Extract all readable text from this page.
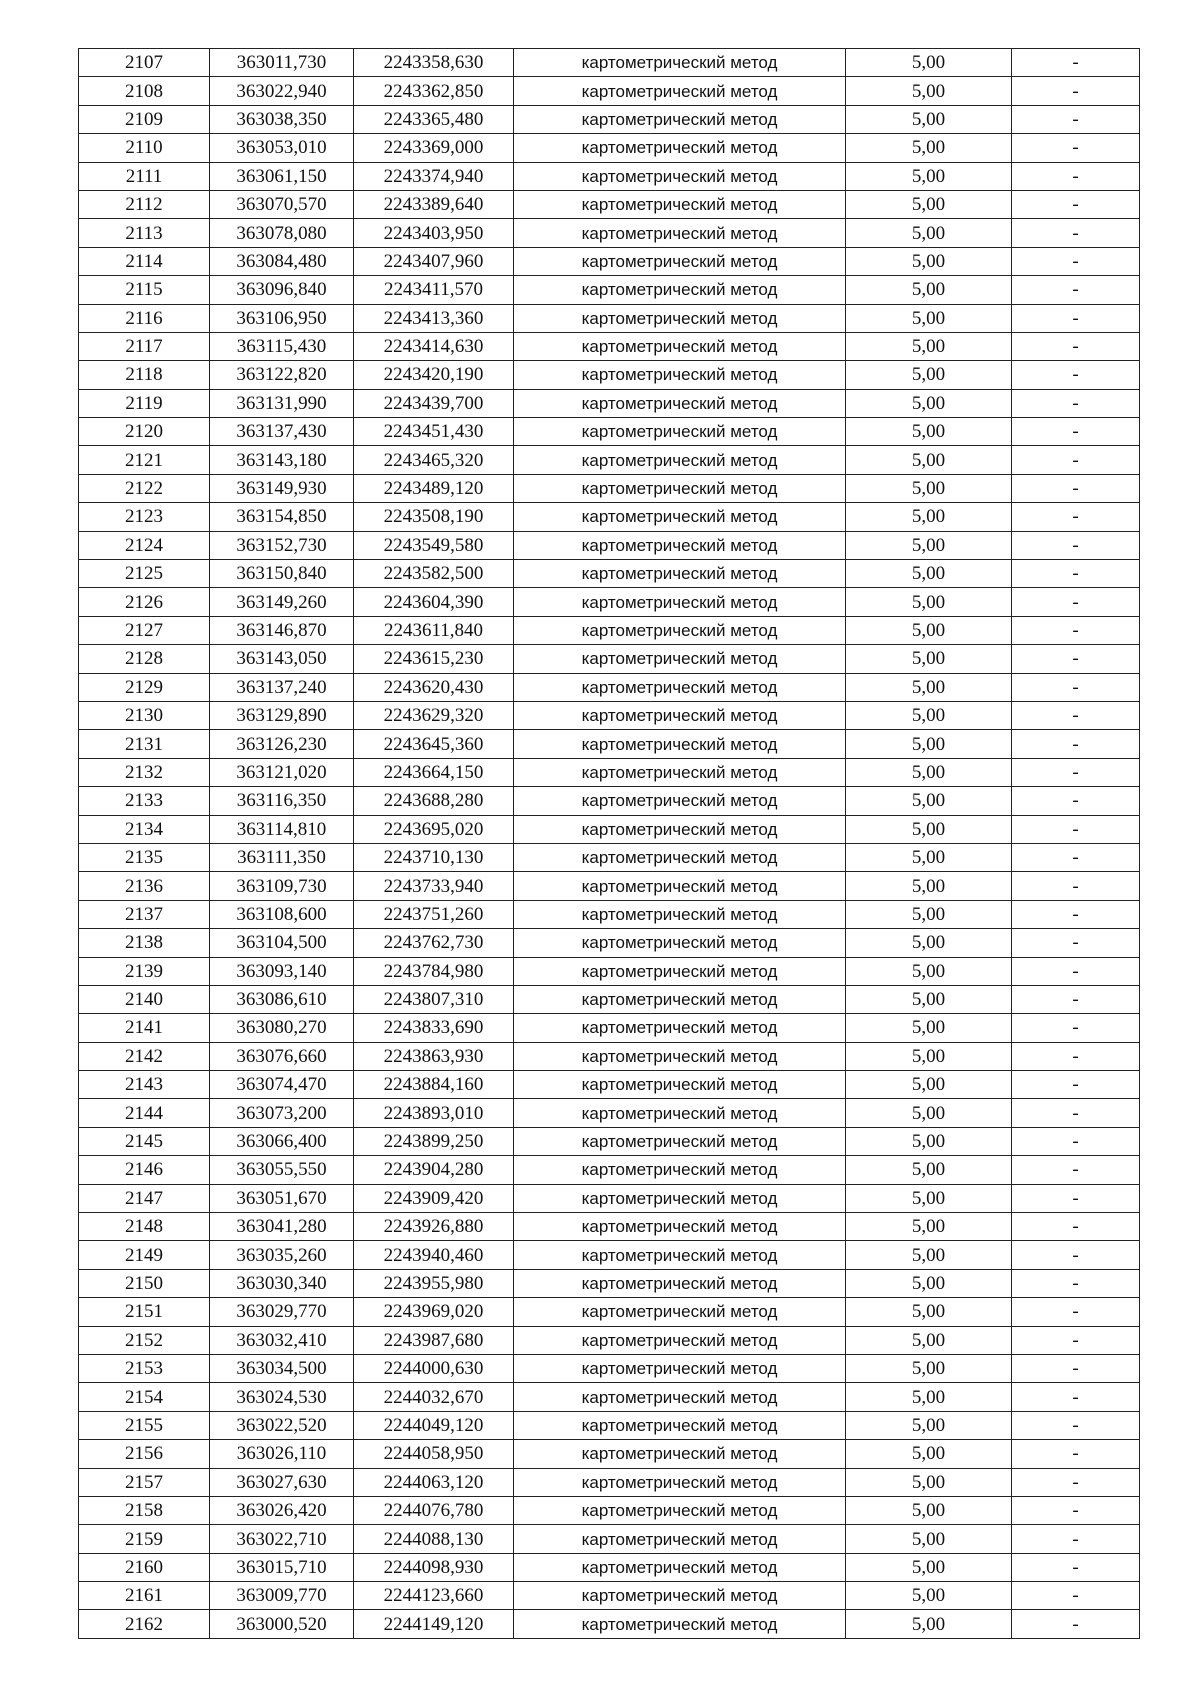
2107	363011,730	2243358,630	картометрический метод	5,00	-
2108	363022,940	2243362,850	картометрический метод	5,00	-
2109	363038,350	2243365,480	картометрический метод	5,00	-
2110	363053,010	2243369,000	картометрический метод	5,00	-
2111	363061,150	2243374,940	картометрический метод	5,00	-
2112	363070,570	2243389,640	картометрический метод	5,00	-
2113	363078,080	2243403,950	картометрический метод	5,00	-
2114	363084,480	2243407,960	картометрический метод	5,00	-
2115	363096,840	2243411,570	картометрический метод	5,00	-
2116	363106,950	2243413,360	картометрический метод	5,00	-
2117	363115,430	2243414,630	картометрический метод	5,00	-
2118	363122,820	2243420,190	картометрический метод	5,00	-
2119	363131,990	2243439,700	картометрический метод	5,00	-
2120	363137,430	2243451,430	картометрический метод	5,00	-
2121	363143,180	2243465,320	картометрический метод	5,00	-
2122	363149,930	2243489,120	картометрический метод	5,00	-
2123	363154,850	2243508,190	картометрический метод	5,00	-
2124	363152,730	2243549,580	картометрический метод	5,00	-
2125	363150,840	2243582,500	картометрический метод	5,00	-
2126	363149,260	2243604,390	картометрический метод	5,00	-
2127	363146,870	2243611,840	картометрический метод	5,00	-
2128	363143,050	2243615,230	картометрический метод	5,00	-
2129	363137,240	2243620,430	картометрический метод	5,00	-
2130	363129,890	2243629,320	картометрический метод	5,00	-
2131	363126,230	2243645,360	картометрический метод	5,00	-
2132	363121,020	2243664,150	картометрический метод	5,00	-
2133	363116,350	2243688,280	картометрический метод	5,00	-
2134	363114,810	2243695,020	картометрический метод	5,00	-
2135	363111,350	2243710,130	картометрический метод	5,00	-
2136	363109,730	2243733,940	картометрический метод	5,00	-
2137	363108,600	2243751,260	картометрический метод	5,00	-
2138	363104,500	2243762,730	картометрический метод	5,00	-
2139	363093,140	2243784,980	картометрический метод	5,00	-
2140	363086,610	2243807,310	картометрический метод	5,00	-
2141	363080,270	2243833,690	картометрический метод	5,00	-
2142	363076,660	2243863,930	картометрический метод	5,00	-
2143	363074,470	2243884,160	картометрический метод	5,00	-
2144	363073,200	2243893,010	картометрический метод	5,00	-
2145	363066,400	2243899,250	картометрический метод	5,00	-
2146	363055,550	2243904,280	картометрический метод	5,00	-
2147	363051,670	2243909,420	картометрический метод	5,00	-
2148	363041,280	2243926,880	картометрический метод	5,00	-
2149	363035,260	2243940,460	картометрический метод	5,00	-
2150	363030,340	2243955,980	картометрический метод	5,00	-
2151	363029,770	2243969,020	картометрический метод	5,00	-
2152	363032,410	2243987,680	картометрический метод	5,00	-
2153	363034,500	2244000,630	картометрический метод	5,00	-
2154	363024,530	2244032,670	картометрический метод	5,00	-
2155	363022,520	2244049,120	картометрический метод	5,00	-
2156	363026,110	2244058,950	картометрический метод	5,00	-
2157	363027,630	2244063,120	картометрический метод	5,00	-
2158	363026,420	2244076,780	картометрический метод	5,00	-
2159	363022,710	2244088,130	картометрический метод	5,00	-
2160	363015,710	2244098,930	картометрический метод	5,00	-
2161	363009,770	2244123,660	картометрический метод	5,00	-
2162	363000,520	2244149,120	картометрический метод	5,00	-
